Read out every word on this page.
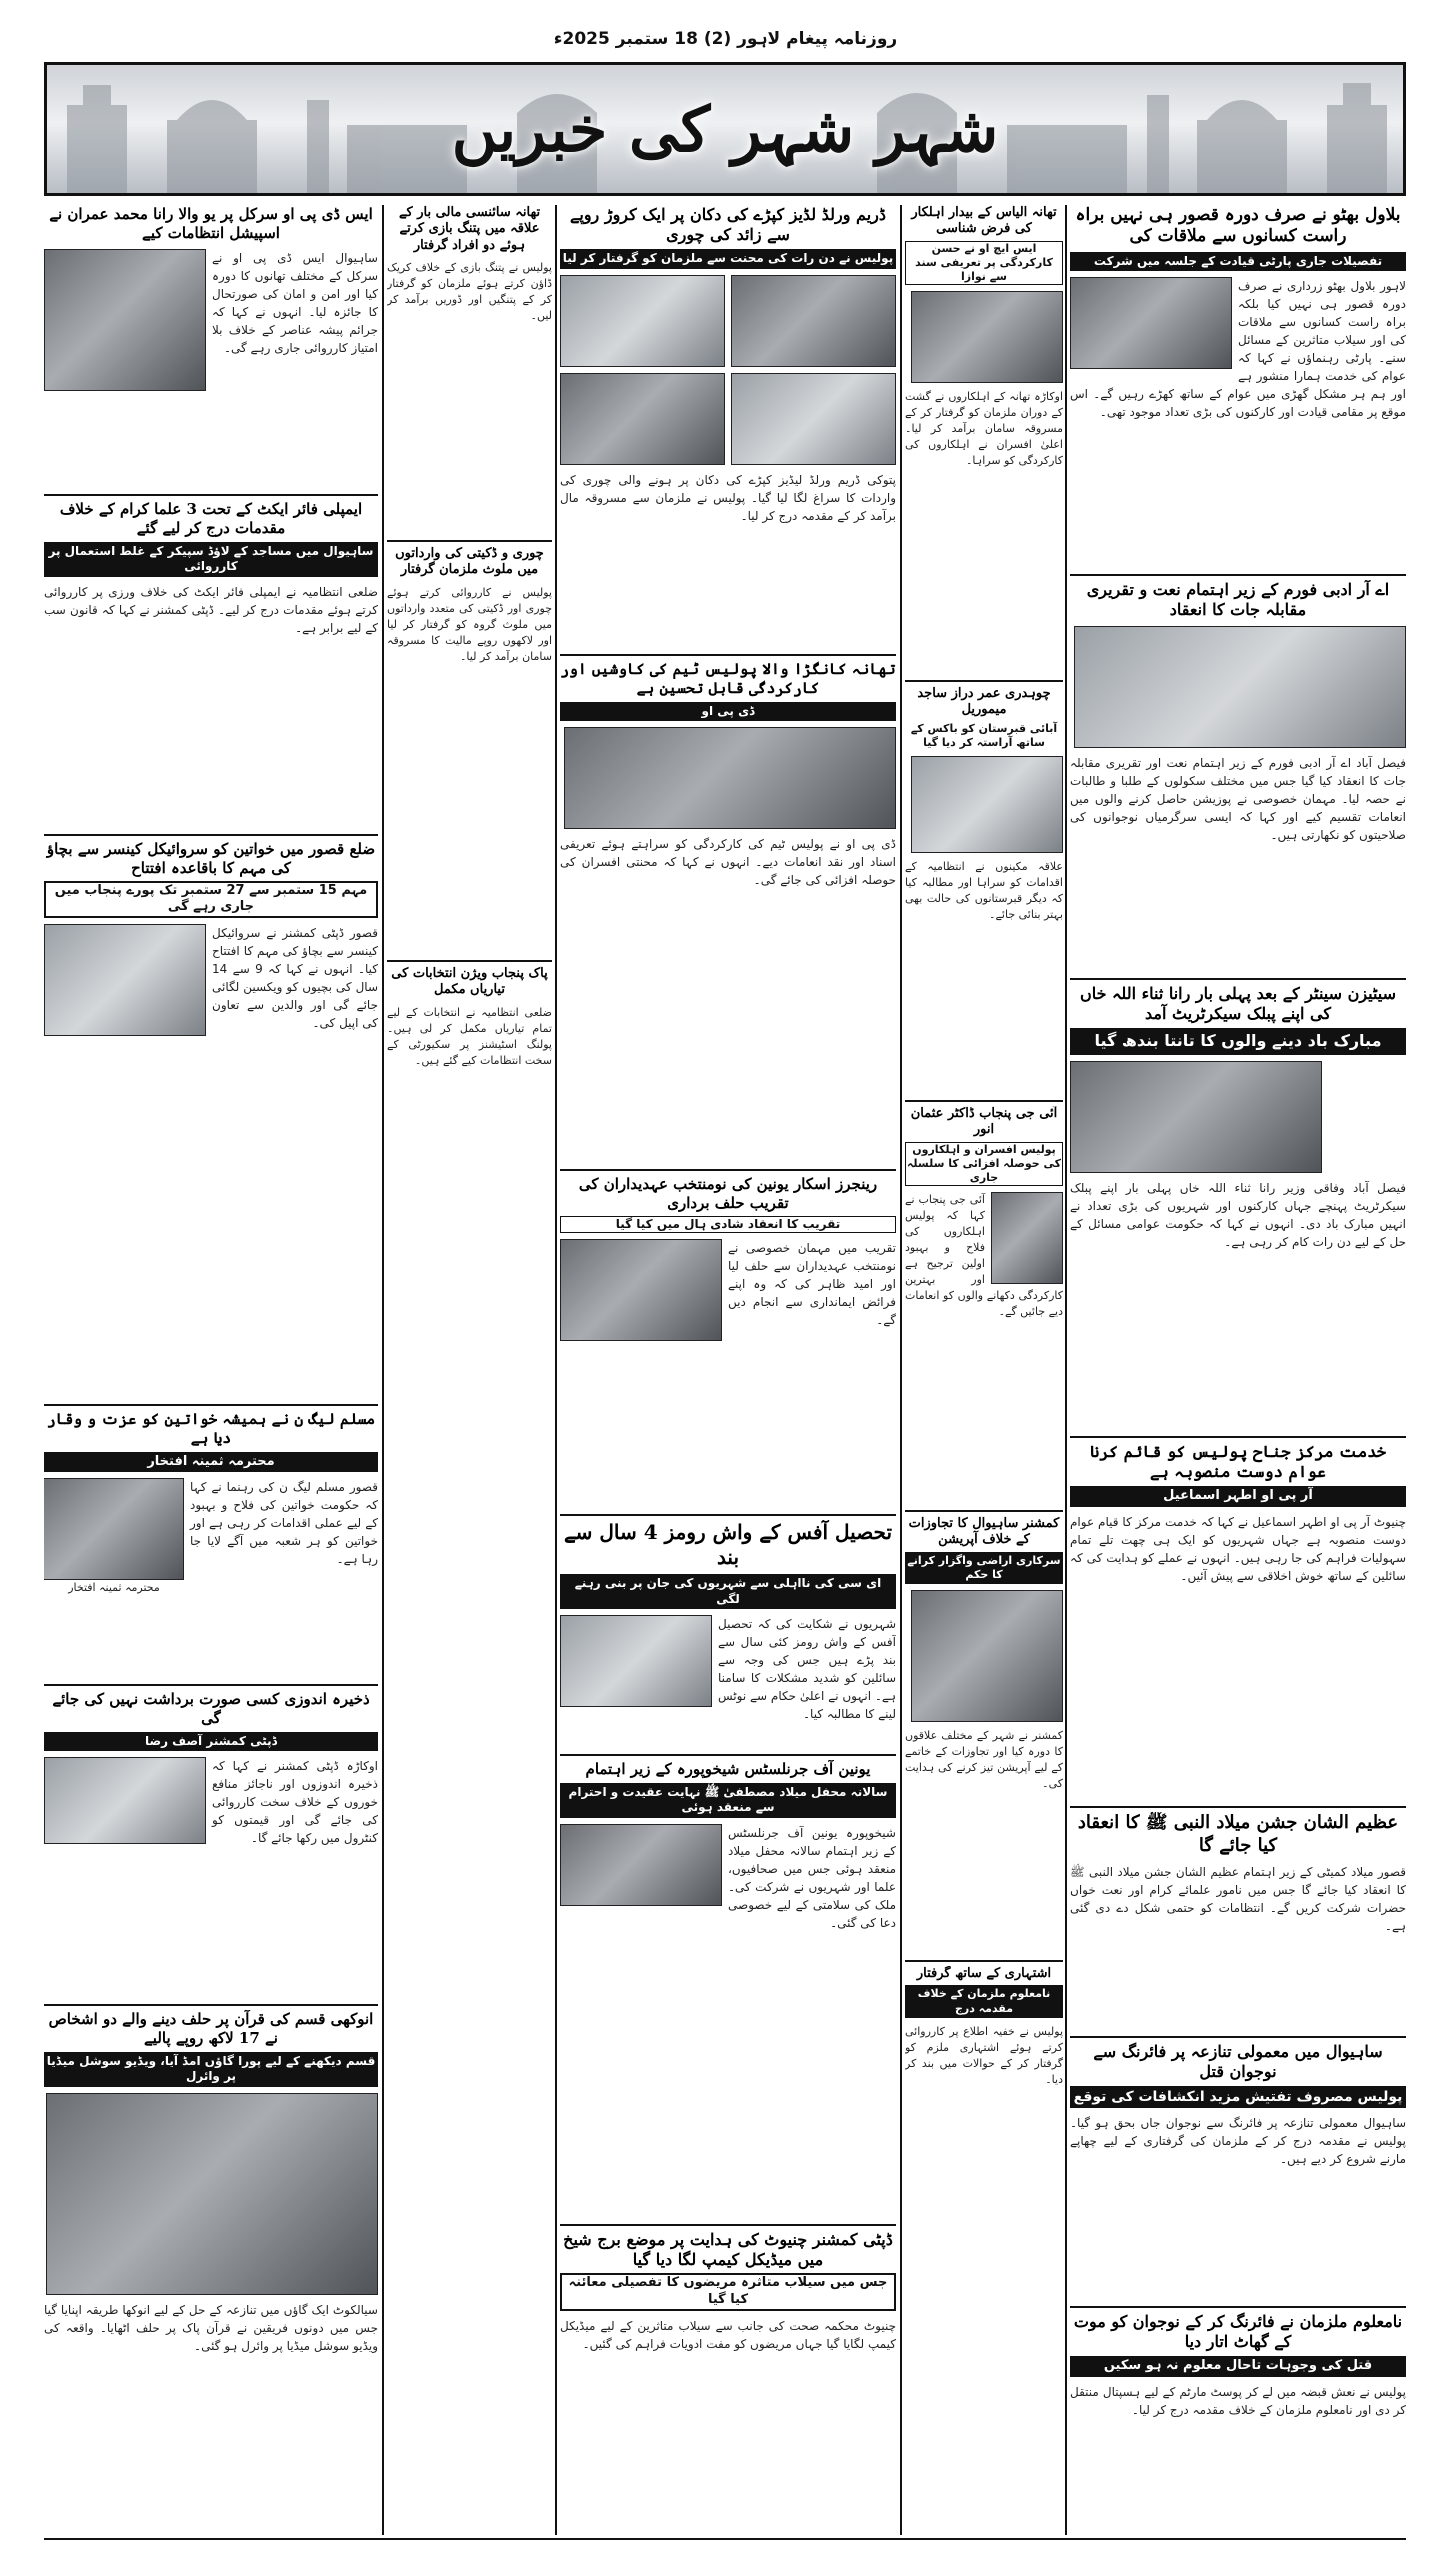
روزنامہ پیغام لاہور (2) 18 ستمبر 2025ء
شہر شہر کی خبریں
بلاول بھٹو نے صرف دورہ قصور ہی نہیں براہ راست کسانوں سے ملاقات کی
تفصیلات جاری پارٹی قیادت کے جلسہ میں شرکت
لاہور بلاول بھٹو زرداری نے صرف دورہ قصور ہی نہیں کیا بلکہ براہ راست کسانوں سے ملاقات کی اور سیلاب متاثرین کے مسائل سنے۔ پارٹی رہنماؤں نے کہا کہ عوام کی خدمت ہمارا منشور ہے اور ہم ہر مشکل گھڑی میں عوام کے ساتھ کھڑے رہیں گے۔ اس موقع پر مقامی قیادت اور کارکنوں کی بڑی تعداد موجود تھی۔
اے آر ادبی فورم کے زیر اہتمام نعت و تقریری مقابلہ جات کا انعقاد
فیصل آباد اے آر ادبی فورم کے زیر اہتمام نعت اور تقریری مقابلہ جات کا انعقاد کیا گیا جس میں مختلف سکولوں کے طلبا و طالبات نے حصہ لیا۔ مہمان خصوصی نے پوزیشن حاصل کرنے والوں میں انعامات تقسیم کیے اور کہا کہ ایسی سرگرمیاں نوجوانوں کی صلاحیتوں کو نکھارتی ہیں۔
سیٹیزن سینٹر کے بعد پہلی بار رانا ثناء اللہ خاں کی اپنے پبلک سیکرٹریٹ آمد
مبارک باد دینے والوں کا تانتا بندھ گیا
فیصل آباد وفاقی وزیر رانا ثناء اللہ خاں پہلی بار اپنے پبلک سیکرٹریٹ پہنچے جہاں کارکنوں اور شہریوں کی بڑی تعداد نے انہیں مبارک باد دی۔ انہوں نے کہا کہ حکومت عوامی مسائل کے حل کے لیے دن رات کام کر رہی ہے۔
خدمت مرکز جناح پولیس کو قائم کرنا عوام دوست منصوبہ ہے
آر پی او اطہر اسماعیل
چنیوٹ آر پی او اطہر اسماعیل نے کہا کہ خدمت مرکز کا قیام عوام دوست منصوبہ ہے جہاں شہریوں کو ایک ہی چھت تلے تمام سہولیات فراہم کی جا رہی ہیں۔ انہوں نے عملے کو ہدایت کی کہ سائلین کے ساتھ خوش اخلاقی سے پیش آئیں۔
عظیم الشان جشن میلاد النبی ﷺ کا انعقاد کیا جائے گا
قصور میلاد کمیٹی کے زیر اہتمام عظیم الشان جشن میلاد النبی ﷺ کا انعقاد کیا جائے گا جس میں نامور علمائے کرام اور نعت خواں حضرات شرکت کریں گے۔ انتظامات کو حتمی شکل دے دی گئی ہے۔
ساہیوال میں معمولی تنازعہ پر فائرنگ سے نوجوان قتل
پولیس مصروف تفتیش مزید انکشافات کی توقع
ساہیوال معمولی تنازعہ پر فائرنگ سے نوجوان جاں بحق ہو گیا۔ پولیس نے مقدمہ درج کر کے ملزمان کی گرفتاری کے لیے چھاپے مارنے شروع کر دیے ہیں۔
نامعلوم ملزمان نے فائرنگ کر کے نوجوان کو موت کے گھاٹ اتار دیا
قتل کی وجوہات تاحال معلوم نہ ہو سکیں
پولیس نے نعش قبضہ میں لے کر پوسٹ مارٹم کے لیے ہسپتال منتقل کر دی اور نامعلوم ملزمان کے خلاف مقدمہ درج کر لیا۔
تھانہ الیاس کے بیدار اہلکار کی فرض شناسی
ایس ایچ او نے حسن کارکردگی پر تعریفی سند سے نوازا
اوکاڑہ تھانہ کے اہلکاروں نے گشت کے دوران ملزمان کو گرفتار کر کے مسروقہ سامان برآمد کر لیا۔ اعلیٰ افسران نے اہلکاروں کی کارکردگی کو سراہا۔
چوہدری عمر دراز ساجد میموریل
آبائی قبرستان کو باکس کے ساتھ آراستہ کر دیا گیا
علاقہ مکینوں نے انتظامیہ کے اقدامات کو سراہا اور مطالبہ کیا کہ دیگر قبرستانوں کی حالت بھی بہتر بنائی جائے۔
آئی جی پنجاب ڈاکٹر عثمان انور
پولیس افسران و اہلکاروں کی حوصلہ افزائی کا سلسلہ جاری
آئی جی پنجاب نے کہا کہ پولیس اہلکاروں کی فلاح و بہبود اولین ترجیح ہے اور بہترین کارکردگی دکھانے والوں کو انعامات دیے جائیں گے۔
کمشنر ساہیوال کا تجاوزات کے خلاف آپریشن
سرکاری اراضی واگزار کرانے کا حکم
کمشنر نے شہر کے مختلف علاقوں کا دورہ کیا اور تجاوزات کے خاتمے کے لیے آپریشن تیز کرنے کی ہدایت کی۔
اشتہاری کے ساتھ گرفتار
نامعلوم ملزمان کے خلاف مقدمہ درج
پولیس نے خفیہ اطلاع پر کارروائی کرتے ہوئے اشتہاری ملزم کو گرفتار کر کے حوالات میں بند کر دیا۔
ڈریم ورلڈ لڈیز کپڑے کی دکان پر ایک کروڑ روپے سے زائد کی چوری
پولیس نے دن رات کی محنت سے ملزمان کو گرفتار کر لیا
پتوکی ڈریم ورلڈ لیڈیز کپڑے کی دکان پر ہونے والی چوری کی واردات کا سراغ لگا لیا گیا۔ پولیس نے ملزمان سے مسروقہ مال برآمد کر کے مقدمہ درج کر لیا۔
تھانہ کانگڑا والا پولیس ٹیم کی کاوشیں اور کارکردگی قابل تحسین ہے
ڈی پی او
ڈی پی او نے پولیس ٹیم کی کارکردگی کو سراہتے ہوئے تعریفی اسناد اور نقد انعامات دیے۔ انہوں نے کہا کہ محنتی افسران کی حوصلہ افزائی کی جائے گی۔
رینجرز اسکار یونین کی نومنتخب عہدیداران کی تقریب حلف برداری
تقریب کا انعقاد شادی ہال میں کیا گیا
تقریب میں مہمان خصوصی نے نومنتخب عہدیداران سے حلف لیا اور امید ظاہر کی کہ وہ اپنے فرائض ایمانداری سے انجام دیں گے۔
تحصیل آفس کے واش رومز 4 سال سے بند
ای سی کی نااہلی سے شہریوں کی جان پر بنی رہنے لگی
شہریوں نے شکایت کی کہ تحصیل آفس کے واش رومز کئی سال سے بند پڑے ہیں جس کی وجہ سے سائلین کو شدید مشکلات کا سامنا ہے۔ انہوں نے اعلیٰ حکام سے نوٹس لینے کا مطالبہ کیا۔
یونین آف جرنلسٹس شیخوپورہ کے زیر اہتمام
سالانہ محفل میلاد مصطفیٰ ﷺ نہایت عقیدت و احترام سے منعقد ہوئی
شیخوپورہ یونین آف جرنلسٹس کے زیر اہتمام سالانہ محفل میلاد منعقد ہوئی جس میں صحافیوں، علما اور شہریوں نے شرکت کی۔ ملک کی سلامتی کے لیے خصوصی دعا کی گئی۔
ڈپٹی کمشنر چنیوٹ کی ہدایت پر موضع برج شیخ میں میڈیکل کیمپ لگا دیا گیا
جس میں سیلاب متاثرہ مریضوں کا تفصیلی معائنہ کیا گیا
چنیوٹ محکمہ صحت کی جانب سے سیلاب متاثرین کے لیے میڈیکل کیمپ لگایا گیا جہاں مریضوں کو مفت ادویات فراہم کی گئیں۔
تھانہ سائنسی مالی بار کے علاقہ میں پتنگ بازی کرتے ہوئے دو افراد گرفتار
پولیس نے پتنگ بازی کے خلاف کریک ڈاؤن کرتے ہوئے ملزمان کو گرفتار کر کے پتنگیں اور ڈوریں برآمد کر لیں۔
چوری و ڈکیتی کی وارداتوں میں ملوث ملزمان گرفتار
پولیس نے کارروائی کرتے ہوئے چوری اور ڈکیتی کی متعدد وارداتوں میں ملوث گروہ کو گرفتار کر لیا اور لاکھوں روپے مالیت کا مسروقہ سامان برآمد کر لیا۔
پاک پنجاب ویژن انتخابات کی تیاریاں مکمل
ضلعی انتظامیہ نے انتخابات کے لیے تمام تیاریاں مکمل کر لی ہیں۔ پولنگ اسٹیشنز پر سکیورٹی کے سخت انتظامات کیے گئے ہیں۔
ایس ڈی پی او سرکل پر یو والا رانا محمد عمران نے اسپیشل انتظامات کیے
ساہیوال ایس ڈی پی او نے سرکل کے مختلف تھانوں کا دورہ کیا اور امن و امان کی صورتحال کا جائزہ لیا۔ انہوں نے کہا کہ جرائم پیشہ عناصر کے خلاف بلا امتیاز کارروائی جاری رہے گی۔
ایمپلی فائر ایکٹ کے تحت 3 علما کرام کے خلاف مقدمات درج کر لیے گئے
ساہیوال میں مساجد کے لاؤڈ سپیکر کے غلط استعمال پر کارروائی
ضلعی انتظامیہ نے ایمپلی فائر ایکٹ کی خلاف ورزی پر کارروائی کرتے ہوئے مقدمات درج کر لیے۔ ڈپٹی کمشنر نے کہا کہ قانون سب کے لیے برابر ہے۔
ضلع قصور میں خواتین کو سروائیکل کینسر سے بچاؤ کی مہم کا باقاعدہ افتتاح
مہم 15 ستمبر سے 27 ستمبر تک پورے پنجاب میں جاری رہے گی
قصور ڈپٹی کمشنر نے سروائیکل کینسر سے بچاؤ کی مہم کا افتتاح کیا۔ انہوں نے کہا کہ 9 سے 14 سال کی بچیوں کو ویکسین لگائی جائے گی اور والدین سے تعاون کی اپیل کی۔
مسلم لیگ ن نے ہمیشہ خواتین کو عزت و وقار دیا ہے
محترمہ ثمینہ افتخار
محترمہ ثمینہ افتخار
قصور مسلم لیگ ن کی رہنما نے کہا کہ حکومت خواتین کی فلاح و بہبود کے لیے عملی اقدامات کر رہی ہے اور خواتین کو ہر شعبہ میں آگے لایا جا رہا ہے۔
ذخیرہ اندوزی کسی صورت برداشت نہیں کی جائے گی
ڈپٹی کمشنر آصف رضا
اوکاڑہ ڈپٹی کمشنر نے کہا کہ ذخیرہ اندوزوں اور ناجائز منافع خوروں کے خلاف سخت کارروائی کی جائے گی اور قیمتوں کو کنٹرول میں رکھا جائے گا۔
انوکھی قسم کی قرآن پر حلف دینے والے دو اشخاص نے 17 لاکھ روپے پالیے
قسم دیکھنے کے لیے پورا گاؤں امڈ آیا، ویڈیو سوشل میڈیا پر وائرل
سیالکوٹ ایک گاؤں میں تنازعہ کے حل کے لیے انوکھا طریقہ اپنایا گیا جس میں دونوں فریقین نے قرآن پاک پر حلف اٹھایا۔ واقعہ کی ویڈیو سوشل میڈیا پر وائرل ہو گئی۔
